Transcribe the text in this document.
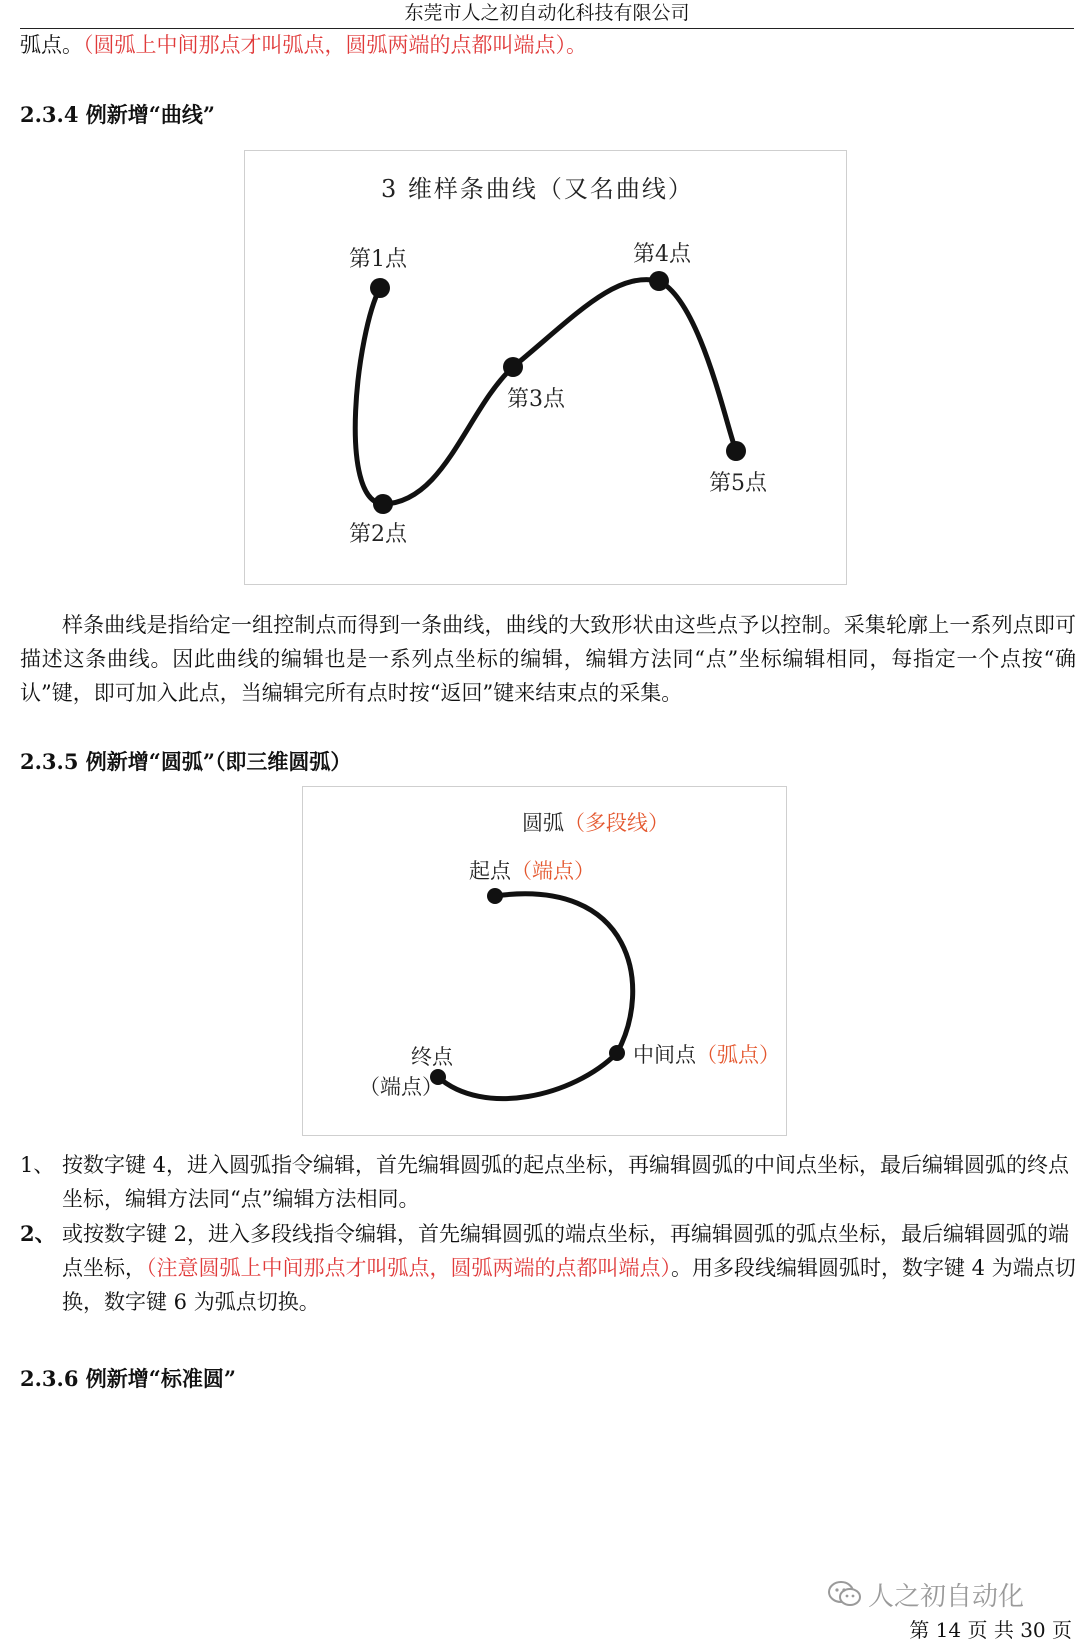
东莞市人之初自动化科技有限公司
弧点。（圆弧上中间那点才叫弧点，圆弧两端的点都叫端点）。
2.3.4 例新增“曲线”
3 维样条曲线（又名曲线）
第1点
第2点
第3点
第4点
第5点
样条曲线是指给定一组控制点而得到一条曲线，曲线的大致形状由这些点予以控制。采集轮廓上一系列点即可描述这条曲线。因此曲线的编辑也是一系列点坐标的编辑，编辑方法同“点”坐标编辑相同，每指定一个点按“确认”键，即可加入此点，当编辑完所有点时按“返回”键来结束点的采集。
2.3.5 例新增“圆弧”（即三维圆弧）
圆弧（多段线）
起点（端点）
中间点（弧点）
终点
（端点）
1、 按数字键 4，进入圆弧指令编辑，首先编辑圆弧的起点坐标，再编辑圆弧的中间点坐标，最后编辑圆弧的终点坐标，编辑方法同“点”编辑方法相同。
2、 或按数字键 2，进入多段线指令编辑，首先编辑圆弧的端点坐标，再编辑圆弧的弧点坐标，最后编辑圆弧的端点坐标，（注意圆弧上中间那点才叫弧点，圆弧两端的点都叫端点）。用多段线编辑圆弧时，数字键 4 为端点切换，数字键 6 为弧点切换。
2.3.6 例新增“标准圆”
人之初自动化
第 14 页 共 30 页
